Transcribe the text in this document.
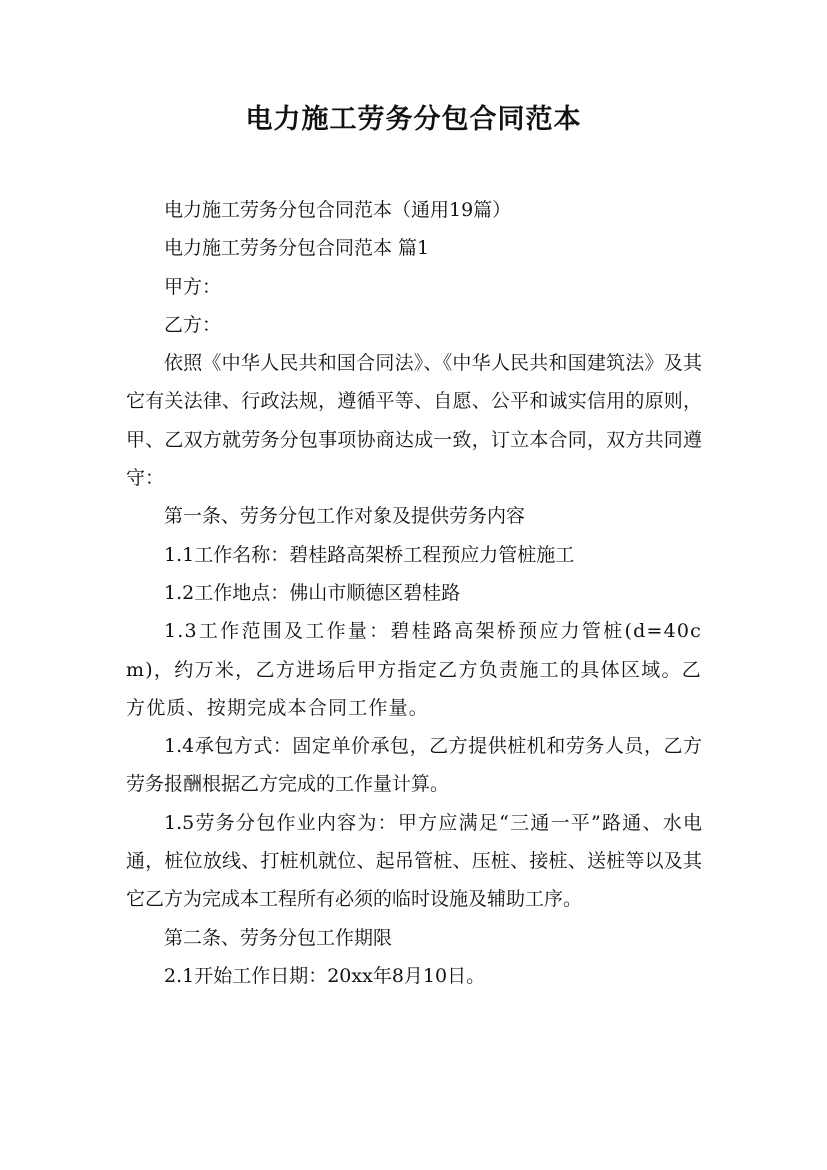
电力施工劳务分包合同范本

电力施工劳务分包合同范本（通用19篇）

电力施工劳务分包合同范本 篇1

甲方：

乙方：

依照《中华人民共和国合同法》、《中华人民共和国建筑法》及其它有关法律、行政法规，遵循平等、自愿、公平和诚实信用的原则，甲、乙双方就劳务分包事项协商达成一致，订立本合同，双方共同遵守：

第一条、劳务分包工作对象及提供劳务内容

1.1工作名称：碧桂路高架桥工程预应力管桩施工

1.2工作地点：佛山市顺德区碧桂路

1.3工作范围及工作量：碧桂路高架桥预应力管桩(d=40cm)，约万米，乙方进场后甲方指定乙方负责施工的具体区域。乙方优质、按期完成本合同工作量。

1.4承包方式：固定单价承包，乙方提供桩机和劳务人员，乙方劳务报酬根据乙方完成的工作量计算。

1.5劳务分包作业内容为：甲方应满足“三通一平”路通、水电通，桩位放线、打桩机就位、起吊管桩、压桩、接桩、送桩等以及其它乙方为完成本工程所有必须的临时设施及辅助工序。

第二条、劳务分包工作期限

2.1开始工作日期：20xx年8月10日。
